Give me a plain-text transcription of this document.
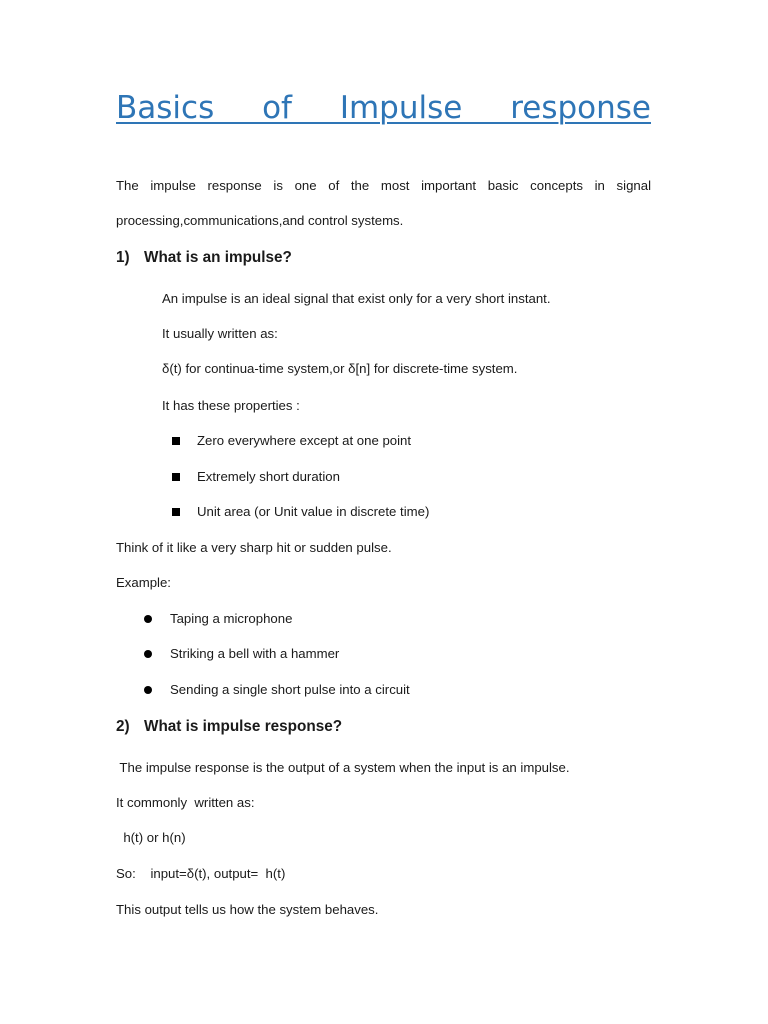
Basics of Impulse response

The impulse response is one of the most important basic concepts in signal

processing,communications,and control systems.

1) What is an impulse?

An impulse is an ideal signal that exist only for a very short instant.

It usually written as:

δ(t) for continua-time system,or δ[n] for discrete-time system.

It has these properties :

Zero everywhere except at one point
Extremely short duration
Unit area (or Unit value in discrete time)

Think of it like a very sharp hit or sudden pulse.

Example:

Taping a microphone
Striking a bell with a hammer
Sending a single short pulse into a circuit
2) What is impulse response?

The impulse response is the output of a system when the input is an impulse.

It commonly  written as:

h(t) or h(n)

So:    input=δ(t), output=  h(t)

This output tells us how the system behaves.
